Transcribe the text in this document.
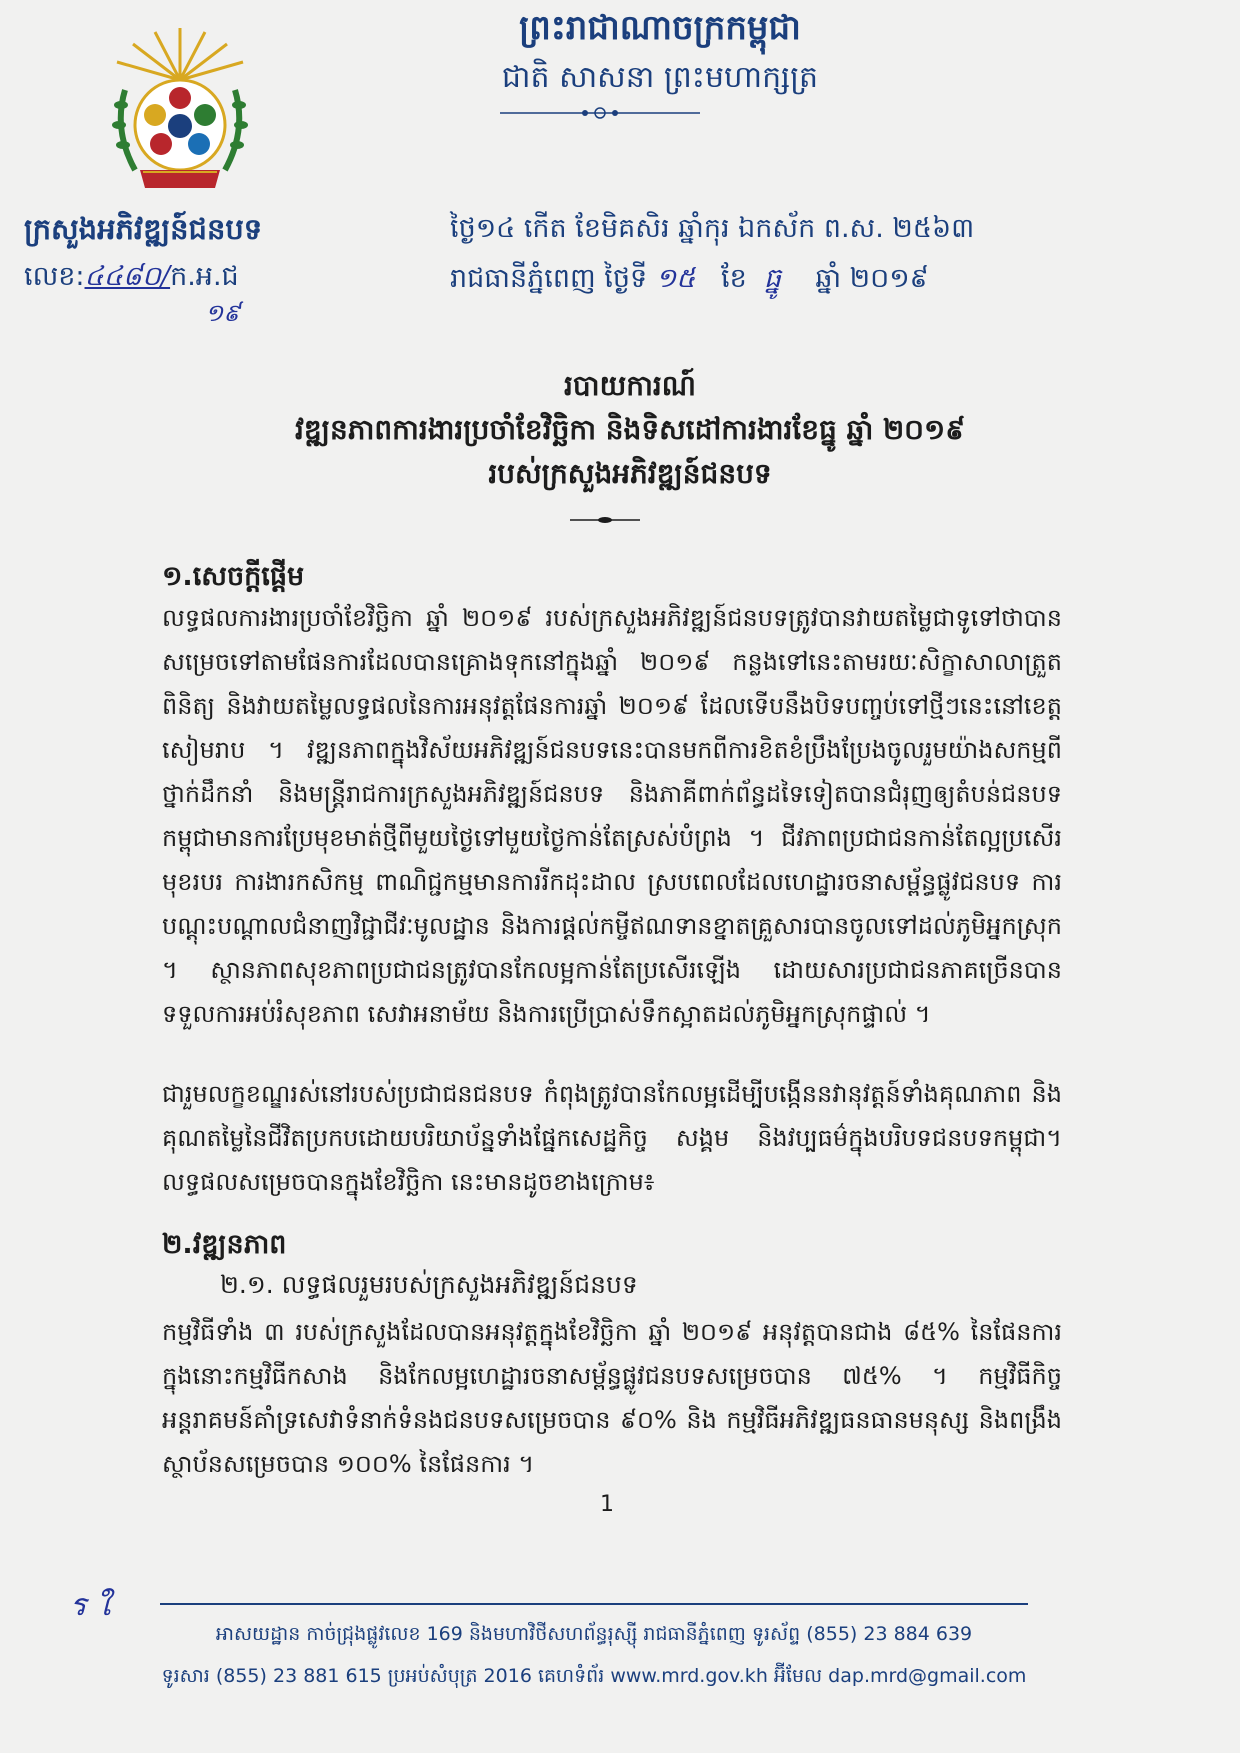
ព្រះរាជាណាចក្រកម្ពុជា
ជាតិ សាសនា ព្រះមហាក្សត្រ
ក្រសួងអភិវឌ្ឍន៍ជនបទ
លេខ:៤៤៨០/ក.អ.ជ
១៩
ថ្ងៃ១៤ កើត ខែមិគសិរ ឆ្នាំកុរ ឯកស័ក ព.ស. ២៥៦៣
រាជធានីភ្នំពេញ ថ្ងៃទី ១៥ ខែ ធ្នូ ឆ្នាំ ២០១៩
របាយការណ៍
វឌ្ឍនភាពការងារប្រចាំខែវិច្ឆិកា និងទិសដៅការងារខែធ្នូ ឆ្នាំ ២០១៩
របស់ក្រសួងអភិវឌ្ឍន៍ជនបទ
១.សេចក្តីផ្តើម
លទ្ធផលការងារប្រចាំខែវិច្ឆិកា ឆ្នាំ ២០១៩ របស់ក្រសួងអភិវឌ្ឍន៍ជនបទត្រូវបានវាយតម្លៃជាទូទៅថាបានសម្រេចទៅតាមផែនការដែលបានគ្រោងទុកនៅក្នុងឆ្នាំ ២០១៩ កន្លងទៅនេះតាមរយៈសិក្ខាសាលាត្រួតពិនិត្យ និងវាយតម្លៃលទ្ធផលនៃការអនុវត្តផែនការឆ្នាំ ២០១៩ ដែលទើបនឹងបិទបញ្ចប់ទៅថ្មីៗនេះនៅខេត្តសៀមរាប ។ វឌ្ឍនភាពក្នុងវិស័យអភិវឌ្ឍន៍ជនបទនេះបានមកពីការខិតខំប្រឹងប្រែងចូលរួមយ៉ាងសកម្មពីថ្នាក់ដឹកនាំ និងមន្ត្រីរាជការក្រសួងអភិវឌ្ឍន៍ជនបទ និងភាគីពាក់ព័ន្ធដទៃទៀតបានជំរុញឲ្យតំបន់ជនបទកម្ពុជាមានការប្រែមុខមាត់ថ្មីពីមួយថ្ងៃទៅមួយថ្ងៃកាន់តែស្រស់បំព្រង ។ ជីវភាពប្រជាជនកាន់តែល្អប្រសើរ មុខរបរ ការងារកសិកម្ម ពាណិជ្ជកម្មមានការរីកដុះដាល ស្របពេលដែលហេដ្ឋារចនាសម្ព័ន្ធផ្លូវជនបទ ការបណ្តុះបណ្តាលជំនាញវិជ្ជាជីវៈមូលដ្ឋាន និងការផ្តល់កម្ចីឥណទានខ្នាតគ្រួសារបានចូលទៅដល់ភូមិអ្នកស្រុក ។ ស្ថានភាពសុខភាពប្រជាជនត្រូវបានកែលម្អកាន់តែប្រសើរឡើង ដោយសារប្រជាជនភាគច្រើនបានទទួលការអប់រំសុខភាព សេវាអនាម័យ និងការប្រើប្រាស់ទឹកស្អាតដល់ភូមិអ្នកស្រុកផ្ទាល់ ។
ជារួមលក្ខខណ្ឌរស់នៅរបស់ប្រជាជនជនបទ កំពុងត្រូវបានកែលម្អដើម្បីបង្កើននវានុវត្តន៍ទាំងគុណភាព និងគុណតម្លៃនៃជីវិតប្រកបដោយបរិយាប័ន្នទាំងផ្នែកសេដ្ឋកិច្ច សង្គម និងវប្បធម៌ក្នុងបរិបទជនបទកម្ពុជា។ លទ្ធផលសម្រេចបានក្នុងខែវិច្ឆិកា នេះមានដូចខាងក្រោម៖
២.វឌ្ឍនភាព
២.១. លទ្ធផលរួមរបស់ក្រសួងអភិវឌ្ឍន៍ជនបទ
កម្មវិធីទាំង ៣ របស់ក្រសួងដែលបានអនុវត្តក្នុងខែវិច្ឆិកា ឆ្នាំ ២០១៩ អនុវត្តបានជាង ៨៥% នៃផែនការក្នុងនោះកម្មវិធីកសាង និងកែលម្អហេដ្ឋារចនាសម្ព័ន្ធផ្លូវជនបទសម្រេចបាន ៧៥% ។ កម្មវិធីកិច្ចអន្តរាគមន៍គាំទ្រសេវាទំនាក់ទំនងជនបទសម្រេចបាន ៩០% និង កម្មវិធីអភិវឌ្ឍធនធានមនុស្ស និងពង្រឹងស្ថាប័នសម្រេចបាន ១០០% នៃផែនការ ។
1
ร ใ
អាសយដ្ឋាន កាច់ជ្រុងផ្លូវលេខ 169 និងមហាវិថីសហព័ន្ធរុស្ស៊ី រាជធានីភ្នំពេញ ទូរស័ព្ទ (855) 23 884 639
ទូរសារ (855) 23 881 615 ប្រអប់សំបុត្រ 2016 គេហទំព័រ www.mrd.gov.kh អ៊ីមែល dap.mrd@gmail.com
